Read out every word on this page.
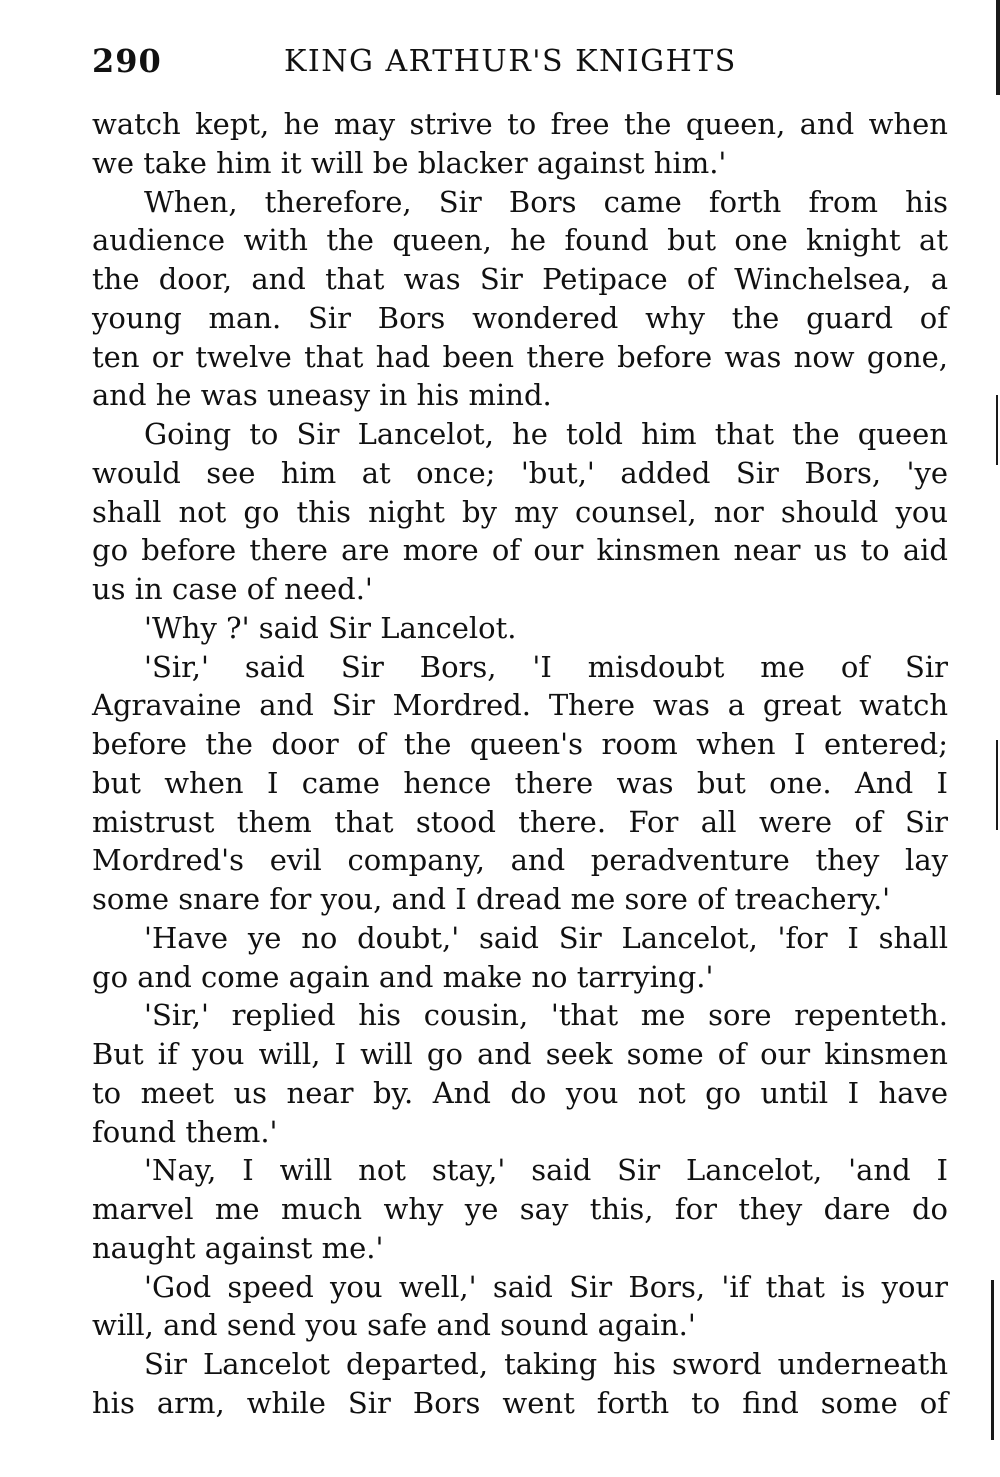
290	KING ARTHUR'S KNIGHTS
watch kept, he may strive to free the queen, and when
we take him it will be blacker against him.'
When, therefore, Sir Bors came forth from his
audience with the queen, he found but one knight at
the door, and that was Sir Petipace of Winchelsea, a
young man. Sir Bors wondered why the guard of
ten or twelve that had been there before was now gone,
and he was uneasy in his mind.
Going to Sir Lancelot, he told him that the queen
would see him at once; 'but,' added Sir Bors, 'ye
shall not go this night by my counsel, nor should you
go before there are more of our kinsmen near us to aid
us in case of need.'
'Why ?' said Sir Lancelot.
'Sir,' said Sir Bors, 'I misdoubt me of Sir
Agravaine and Sir Mordred. There was a great watch
before the door of the queen's room when I entered;
but when I came hence there was but one. And I
mistrust them that stood there. For all were of Sir
Mordred's evil company, and peradventure they lay
some snare for you, and I dread me sore of treachery.'
'Have ye no doubt,' said Sir Lancelot, 'for I shall
go and come again and make no tarrying.'
'Sir,' replied his cousin, 'that me sore repenteth.
But if you will, I will go and seek some of our kinsmen
to meet us near by. And do you not go until I have
found them.'
'Nay, I will not stay,' said Sir Lancelot, 'and I
marvel me much why ye say this, for they dare do
naught against me.'
'God speed you well,' said Sir Bors, 'if that is your
will, and send you safe and sound again.'
Sir Lancelot departed, taking his sword underneath
his arm, while Sir Bors went forth to find some of
